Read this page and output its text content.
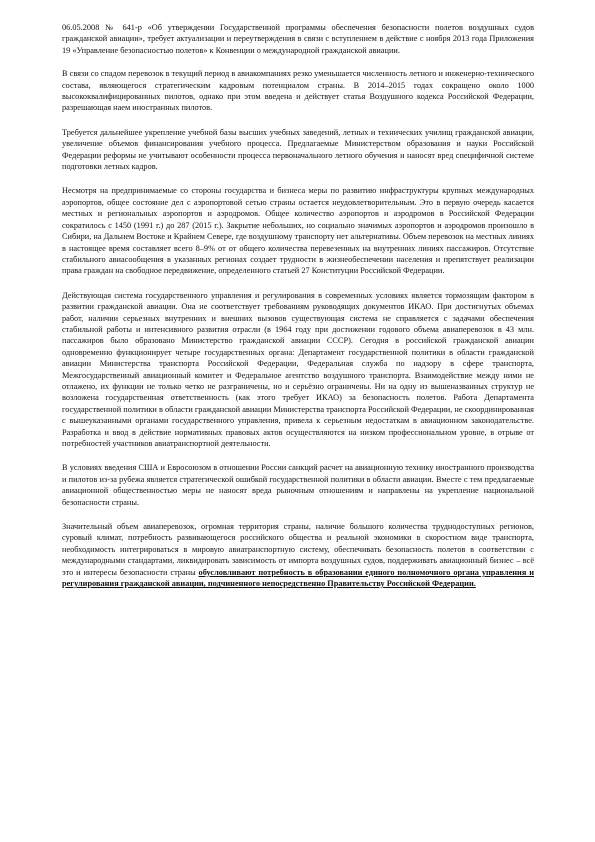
06.05.2008 № 641-р «Об утверждении Государственной программы обеспечения безопасности полетов воздушных судов гражданской авиации», требует актуализации и переутверждения в связи с вступлением в действие с ноября 2013 года Приложения 19 «Управление безопасностью полетов» к Конвенции о международной гражданской авиации.

В связи со спадом перевозок в текущий период в авиакомпаниях резко уменьшается численность летного и инженерно-технического состава, являющегося стратегическим кадровым потенциалом страны. В 2014–2015 годах сокращено около 1000 высококвалифицированных пилотов, однако при этом введена и действует статья Воздушного кодекса Российской Федерации, разрешающая наем иностранных пилотов.

Требуется дальнейшее укрепление учебной базы высших учебных заведений, летных и технических училищ гражданской авиации, увеличение объемов финансирования учебного процесса. Предлагаемые Министерством образования и науки Российской Федерации реформы не учитывают особенности процесса первоначального летного обучения и наносят вред специфичной системе подготовки летных кадров.

Несмотря на предпринимаемые со стороны государства и бизнеса меры по развитию инфраструктуры крупных международных аэропортов, общее состояние дел с аэропортовой сетью страны остается неудовлетворительным. Это в первую очередь касается местных и региональных аэропортов и аэродромов. Общее количество аэропортов и аэродромов в Российской Федерации сократилось с 1450 (1991 г.) до 287 (2015 г.). Закрытие небольших, но социально значимых аэропортов и аэродромов произошло в Сибири, на Дальнем Востоке и Крайнем Севере, где воздушному транспорту нет альтернативы. Объем перевозок на местных линиях в настоящее время составляет всего 8–9% от от общего количества перевезенных на внутренних линиях пассажиров. Отсутствие стабильного авиасообщения в указанных регионах создает трудности в жизнеобеспечении населения и препятствует реализации права граждан на свободное передвижение, определенного статьей 27 Конституции Российской Федерации.

Действующая система государственного управления и регулирования в современных условиях является тормозящим фактором в развитии гражданской авиации. Она не соответствует требованиям руководящих документов ИКАО. При достигнутых объемах работ, наличии серьезных внутренних и внешних вызовов существующая система не справляется с задачами обеспечения стабильной работы и интенсивного развития отрасли (в 1964 году при достижении годового объема авиаперевозок в 43 млн. пассажиров было образовано Министерство гражданской авиации СССР). Сегодня в российской гражданской авиации одновременно функционирует четыре государственных органа: Департамент государственной политики в области гражданской авиации Министерства транспорта Российской Федерации, Федеральная служба по надзору в сфере транспорта, Межгосударственный авиационный комитет и Федеральное агентство воздушного транспорта. Взаимодействие между ними не отлажено, их функции не только четко не разграничены, но и серьёзно ограничены. Ни на одну из вышеназванных структур не возложена государственная ответственность (как этого требует ИКАО) за безопасность полетов. Работа Департамента государственной политики в области гражданской авиации Министерства транспорта Российской Федерации, не скоординированная с вышеуказанными органами государственного управления, привела к серьезным недостаткам в авиационном законодательстве. Разработка и ввод в действие нормативных правовых актов осуществляются на низком профессиональном уровне, в отрыве от потребностей участников авиатранспортной деятельности.

В условиях введения США и Евросоюзом в отношении России санкций расчет на авиационную технику иностранного производства и пилотов из-за рубежа является стратегической ошибкой государственной политики в области авиации. Вместе с тем предлагаемые авиационной общественностью меры не наносят вреда рыночным отношениям и направлены на укрепление национальной безопасности страны.

Значительный объем авиаперевозок, огромная территория страны, наличие большого количества труднодоступных регионов, суровый климат, потребность развивающегося российского общества и реальной экономики в скоростном виде транспорта, необходимость интегрироваться в мировую авиатранспортную систему, обеспечивать безопасность полетов в соответствии с международными стандартами, ликвидировать зависимость от импорта воздушных судов, поддерживать авиационный бизнес – всё это и интересы безопасности страны обусловливают потребность в образовании единого полномочного органа управления и регулирования гражданской авиации, подчиненного непосредственно Правительству Российской Федерации.
